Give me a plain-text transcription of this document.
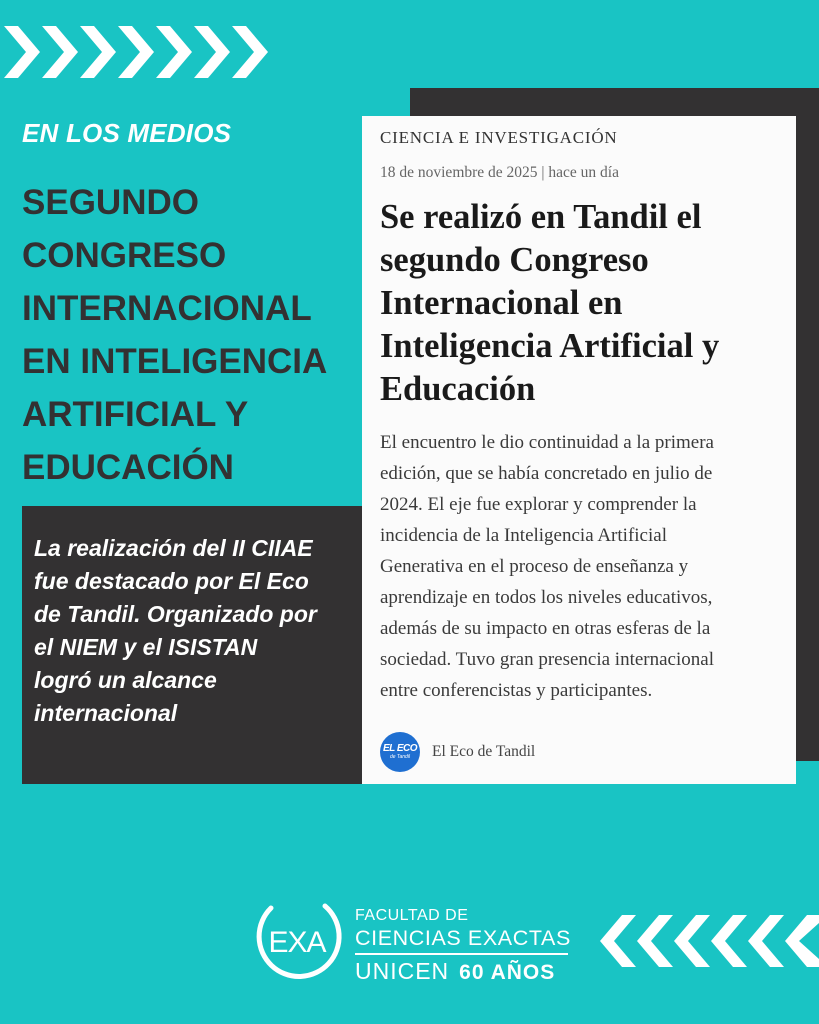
EN LOS MEDIOS
SEGUNDO
CONGRESO
INTERNACIONAL
EN INTELIGENCIA
ARTIFICIAL Y
EDUCACIÓN

La realización del II CIIAE
fue destacado por El Eco
de Tandil. Organizado por
el NIEM y el ISISTAN
logró un alcance
internacional

CIENCIA E INVESTIGACIÓN
18 de noviembre de 2025 | hace un día
Se realizó en Tandil el
segundo Congreso
Internacional en
Inteligencia Artificial y
Educación

El encuentro le dio continuidad a la primera
edición, que se había concretado en julio de
2024. El eje fue explorar y comprender la
incidencia de la Inteligencia Artificial
Generativa en el proceso de enseñanza y
aprendizaje en todos los niveles educativos,
además de su impacto en otras esferas de la
sociedad. Tuvo gran presencia internacional
entre conferencistas y participantes.

EL ECO
de Tandil El Eco de Tandil
EXA
FACULTAD DE
CIENCIAS EXACTAS
UNICEN 60 AÑOS
